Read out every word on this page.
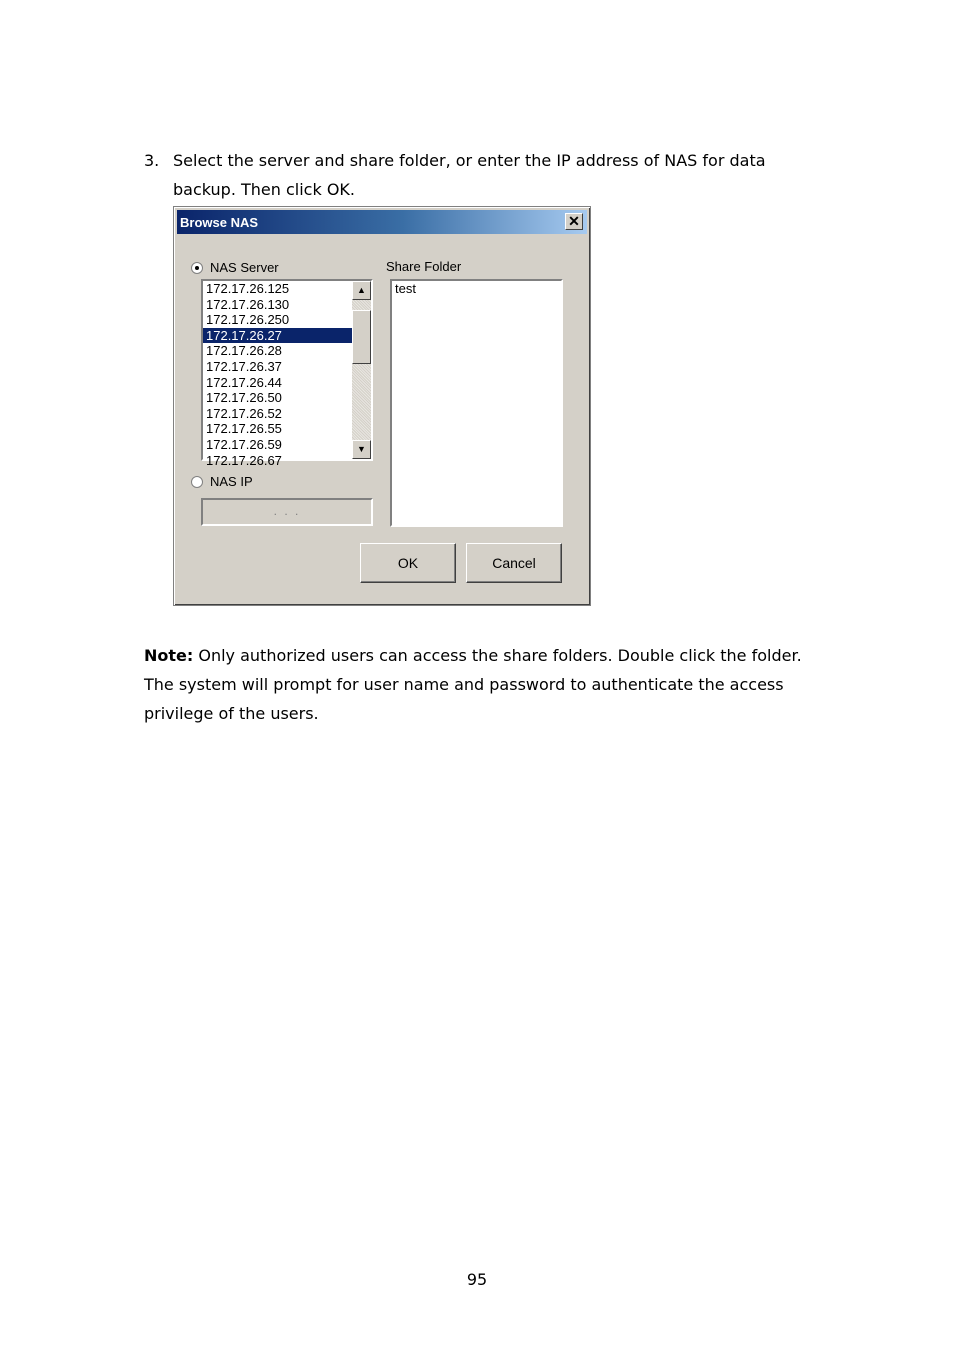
3. Select the server and share folder, or enter the IP address of NAS for data backup. Then click OK.
Browse NAS	✕
NAS Server
172.17.26.125
172.17.26.130
172.17.26.250
172.17.26.27
172.17.26.28
172.17.26.37
172.17.26.44
172.17.26.50
172.17.26.52
172.17.26.55
172.17.26.59
172.17.26.67
▲
▼
Share Folder
test
NAS IP
. . .
OK	Cancel
Note: Only authorized users can access the share folders. Double click the folder. The system will prompt for user name and password to authenticate the access privilege of the users.
95
